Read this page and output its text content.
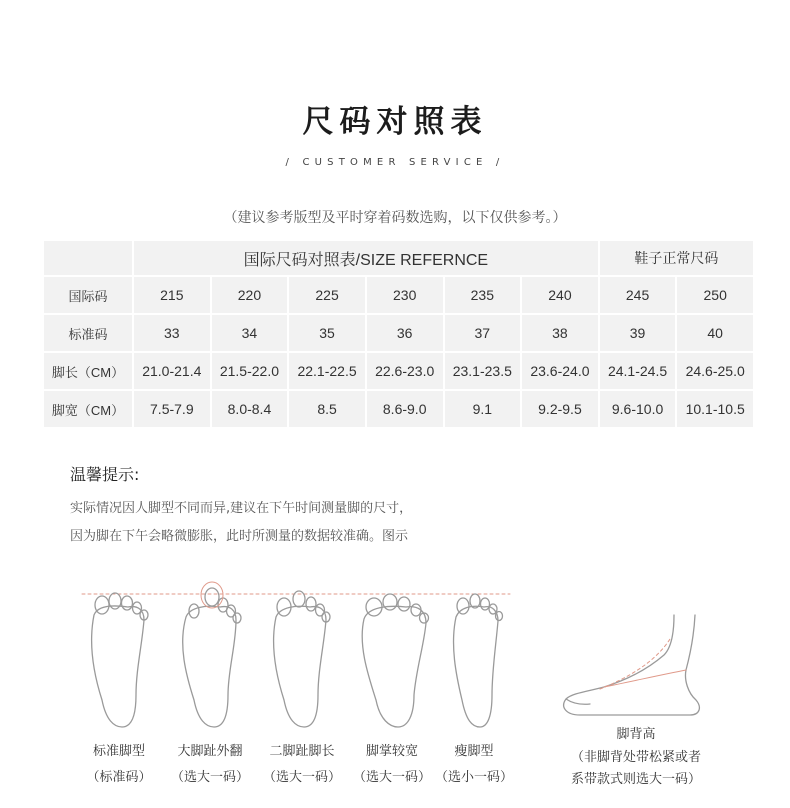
尺码对照表
/ CUSTOMER SERVICE /
（建议参考版型及平时穿着码数选购，以下仅供参考。）
	国际尺码对照表/SIZE REFERNCE						鞋子正常尺码	
国际码	215	220	225	230	235	240	245	250
标准码	33	34	35	36	37	38	39	40
脚长（CM）	21.0-21.4	21.5-22.0	22.1-22.5	22.6-23.0	23.1-23.5	23.6-24.0	24.1-24.5	24.6-25.0
脚宽（CM）	7.5-7.9	8.0-8.4	8.5	8.6-9.0	9.1	9.2-9.5	9.6-10.0	10.1-10.5
温馨提示:
实际情况因人脚型不同而异,建议在下午时间测量脚的尺寸，
因为脚在下午会略微膨胀，此时所测量的数据较准确。图示
标准脚型
（标准码）
大脚趾外翻
（选大一码）
二脚趾脚长
（选大一码）
脚掌较宽
（选大一码）
瘦脚型
（选小一码）
脚背高
（非脚背处带松紧或者
系带款式则选大一码）
